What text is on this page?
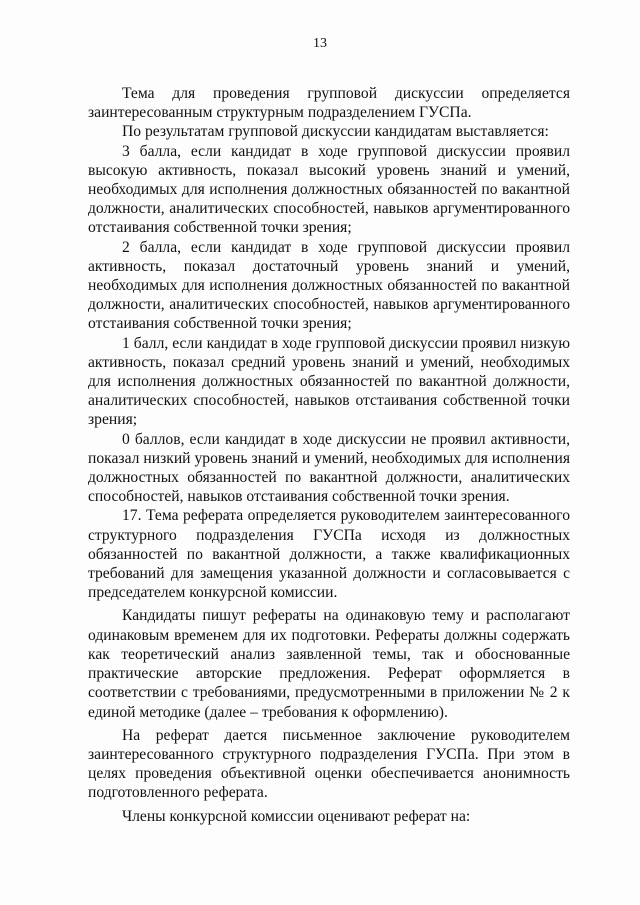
13

Тема для проведения групповой дискуссии определяется заинтересованным структурным подразделением ГУСПа.

По результатам групповой дискуссии кандидатам выставляется:

3 балла, если кандидат в ходе групповой дискуссии проявил высокую активность, показал высокий уровень знаний и умений, необходимых для исполнения должностных обязанностей по вакантной должности, аналитических способностей, навыков аргументированного отстаивания собственной точки зрения;

2 балла, если кандидат в ходе групповой дискуссии проявил активность, показал достаточный уровень знаний и умений, необходимых для исполнения должностных обязанностей по вакантной должности, аналитических способностей, навыков аргументированного отстаивания собственной точки зрения;

1 балл, если кандидат в ходе групповой дискуссии проявил низкую активность, показал средний уровень знаний и умений, необходимых для исполнения должностных обязанностей по вакантной должности, аналитических способностей, навыков отстаивания собственной точки зрения;

0 баллов, если кандидат в ходе дискуссии не проявил активности, показал низкий уровень знаний и умений, необходимых для исполнения должностных обязанностей по вакантной должности, аналитических способностей, навыков отстаивания собственной точки зрения.

17. Тема реферата определяется руководителем заинтересованного структурного подразделения ГУСПа исходя из должностных обязанностей по вакантной должности, а также квалификационных требований для замещения указанной должности и согласовывается с председателем конкурсной комиссии.

Кандидаты пишут рефераты на одинаковую тему и располагают одинаковым временем для их подготовки. Рефераты должны содержать как теоретический анализ заявленной темы, так и обоснованные практические авторские предложения. Реферат оформляется в соответствии с требованиями, предусмотренными в приложении № 2 к единой методике (далее – требования к оформлению).

На реферат дается письменное заключение руководителем заинтересованного структурного подразделения ГУСПа. При этом в целях проведения объективной оценки обеспечивается анонимность подготовленного реферата.

Члены конкурсной комиссии оценивают реферат на:
